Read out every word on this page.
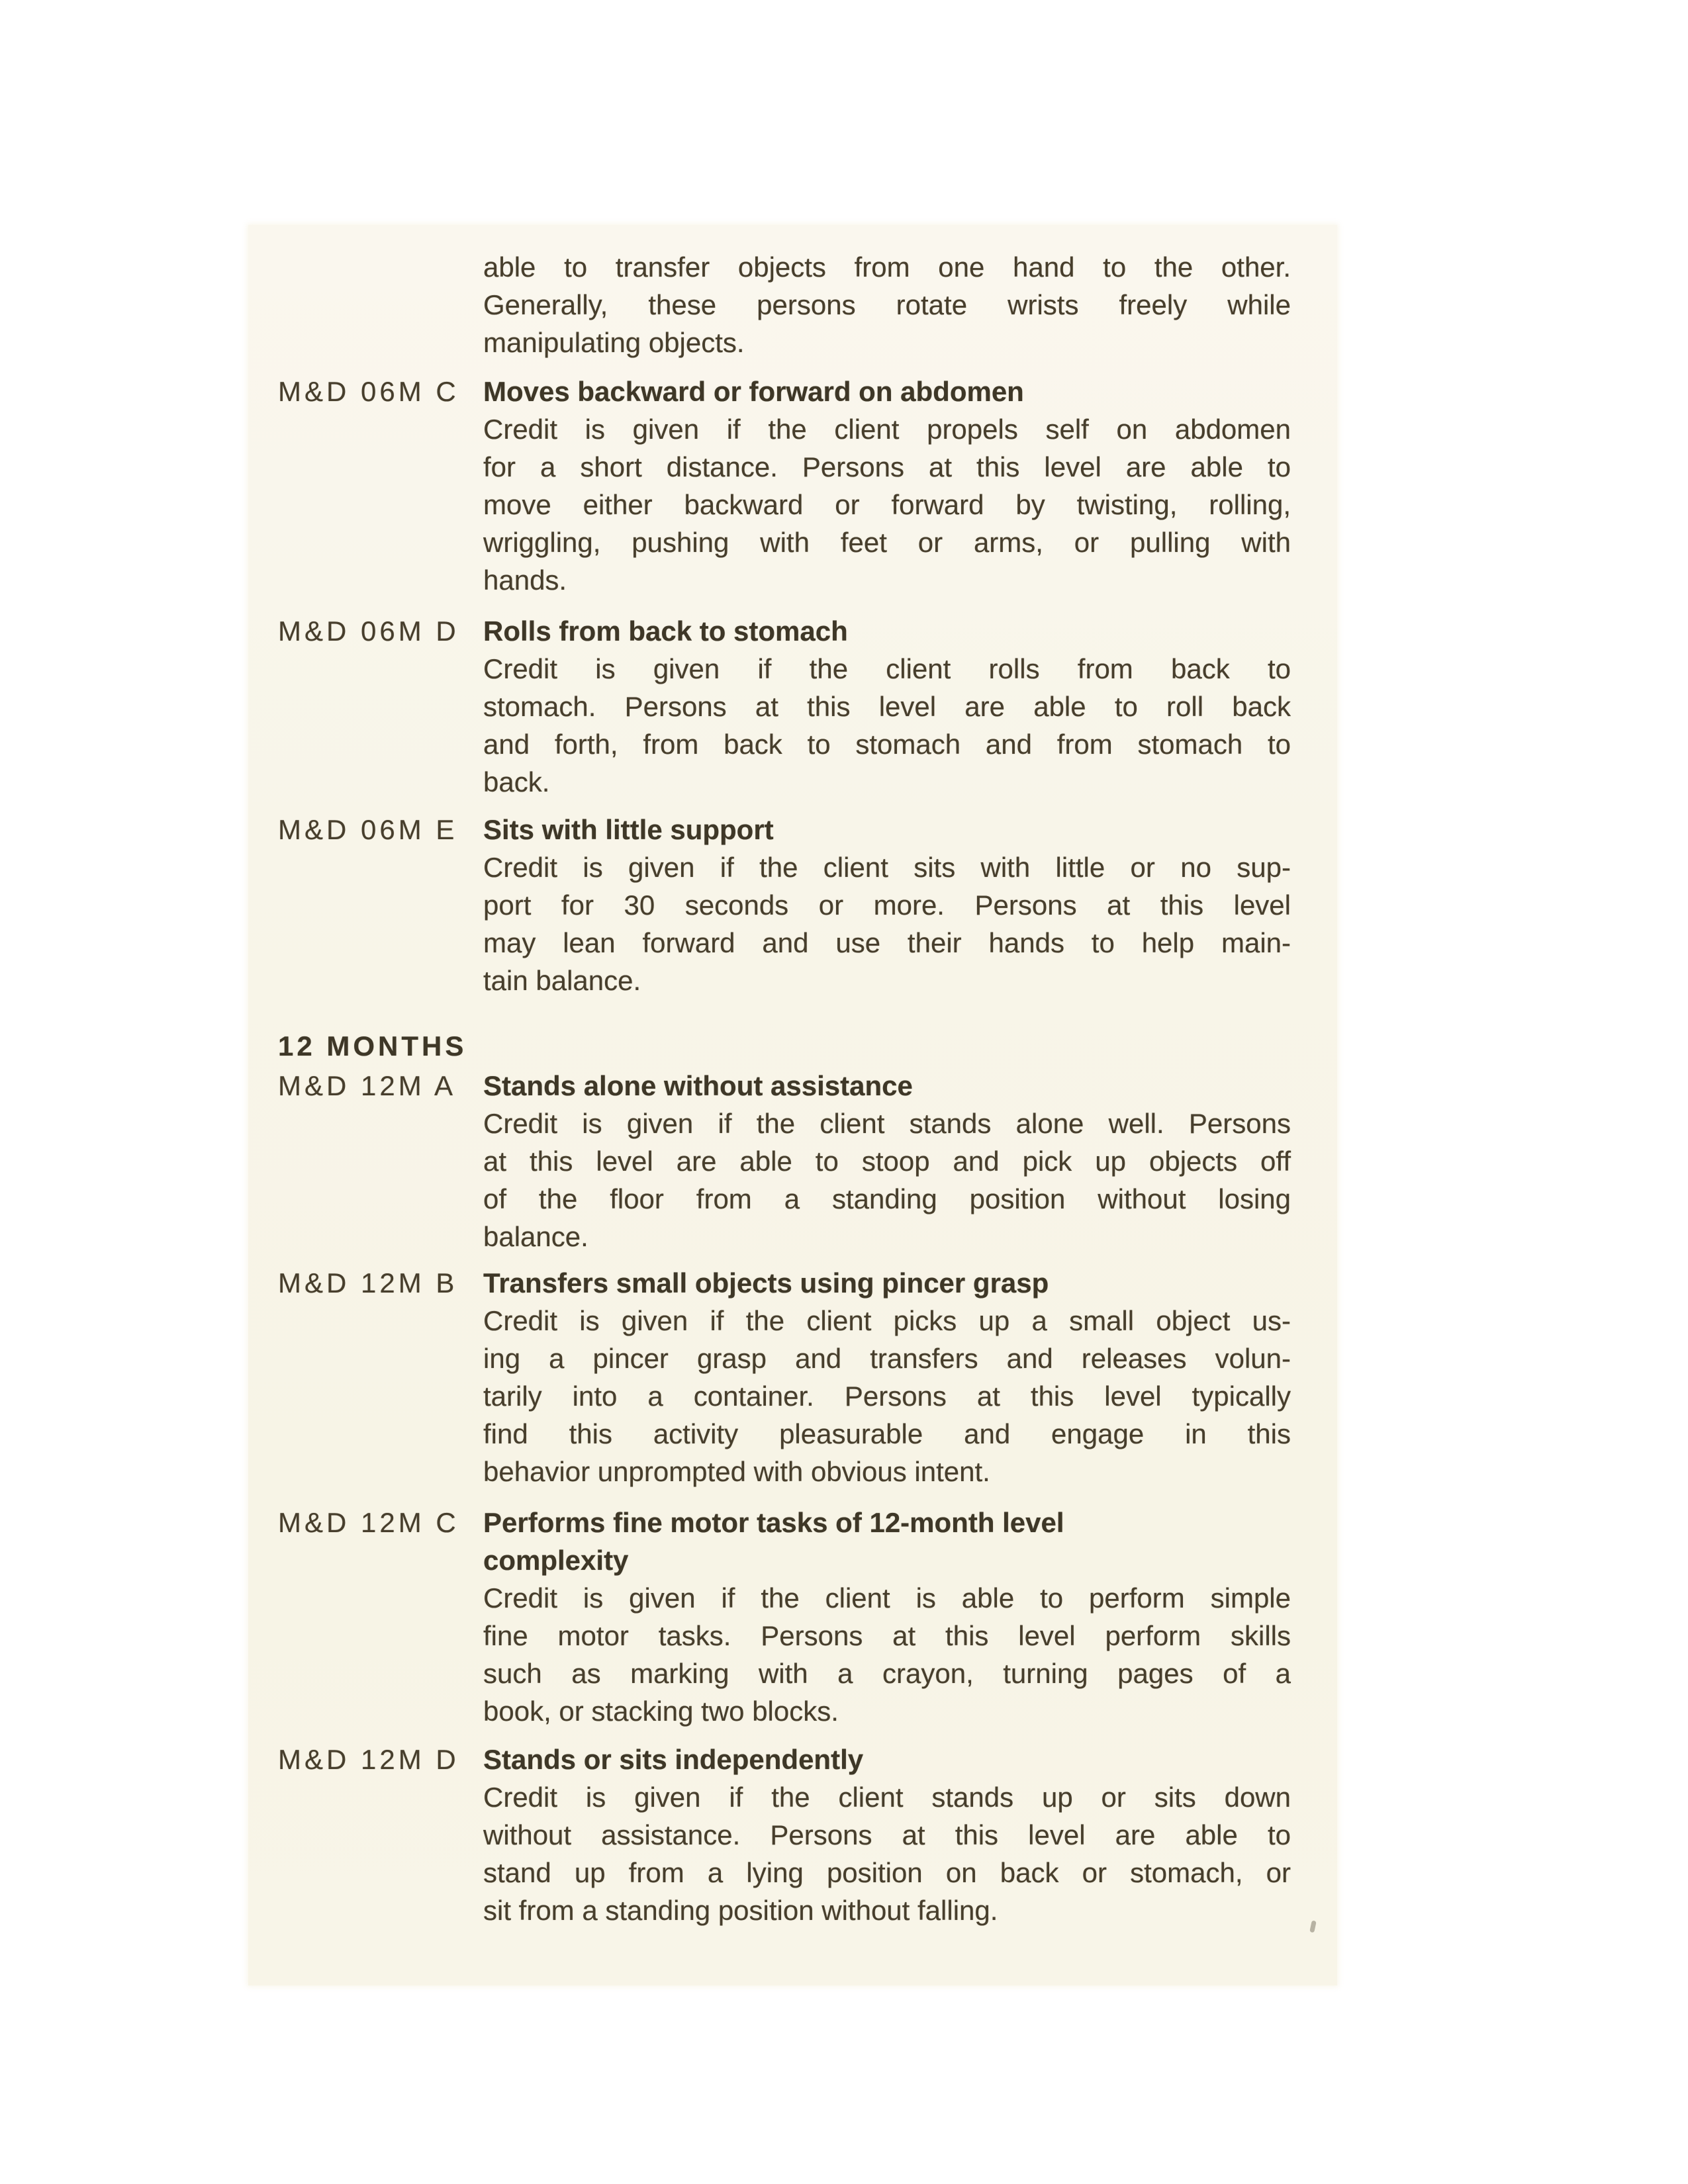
able to transfer objects from one hand to the other.
Generally, these persons rotate wrists freely while
manipulating objects.
M&D 06M C Moves backward or forward on abdomen
Credit is given if the client propels self on abdomen
for a short distance. Persons at this level are able to
move either backward or forward by twisting, rolling,
wriggling, pushing with feet or arms, or pulling with
hands.
M&D 06M D Rolls from back to stomach
Credit is given if the client rolls from back to
stomach. Persons at this level are able to roll back
and forth, from back to stomach and from stomach to
back.
M&D 06M E Sits with little support
Credit is given if the client sits with little or no sup-
port for 30 seconds or more. Persons at this level
may lean forward and use their hands to help main-
tain balance.
12 MONTHS
M&D 12M A Stands alone without assistance
Credit is given if the client stands alone well. Persons
at this level are able to stoop and pick up objects off
of the floor from a standing position without losing
balance.
M&D 12M B Transfers small objects using pincer grasp
Credit is given if the client picks up a small object us-
ing a pincer grasp and transfers and releases volun-
tarily into a container. Persons at this level typically
find this activity pleasurable and engage in this
behavior unprompted with obvious intent.
M&D 12M C Performs fine motor tasks of 12-month level
complexity
Credit is given if the client is able to perform simple
fine motor tasks. Persons at this level perform skills
such as marking with a crayon, turning pages of a
book, or stacking two blocks.
M&D 12M D Stands or sits independently
Credit is given if the client stands up or sits down
without assistance. Persons at this level are able to
stand up from a lying position on back or stomach, or
sit from a standing position without falling.
